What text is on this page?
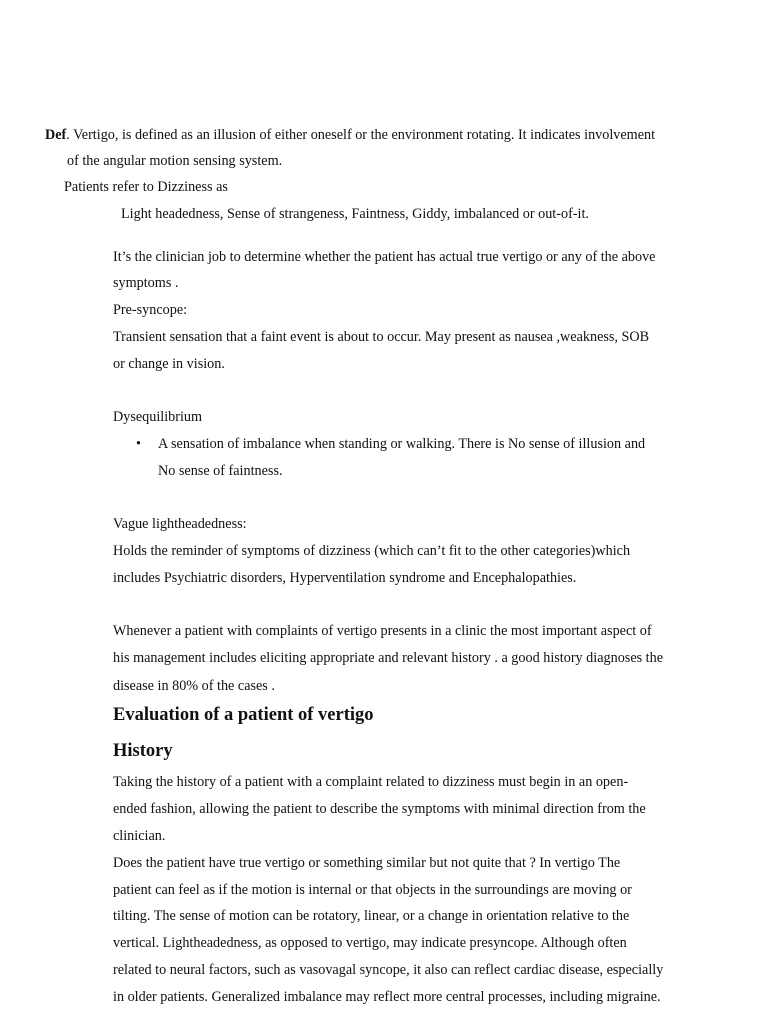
Def. Vertigo, is defined as an illusion of either oneself or the environment rotating. It indicates involvement
of the angular motion sensing system.
Patients refer to Dizziness as
Light headedness, Sense of strangeness, Faintness, Giddy, imbalanced or out-of-it.
It’s the clinician job to determine whether the patient has actual true vertigo or any of the above
symptoms .
Pre-syncope:
Transient sensation that a faint event is about to occur. May present as nausea ,weakness, SOB
or change in vision.
Dysequilibrium
• A sensation of imbalance when standing or walking. There is No sense of illusion and
No sense of faintness.
Vague lightheadedness:
Holds the reminder of symptoms of dizziness (which can’t fit to the other categories)which
includes Psychiatric disorders, Hyperventilation syndrome and Encephalopathies.
Whenever a patient with complaints of vertigo presents in a clinic the most important aspect of
his management includes eliciting appropriate and relevant history . a good history diagnoses the
disease in 80% of the cases .
Evaluation of a patient of vertigo
History
Taking the history of a patient with a complaint related to dizziness must begin in an open-
ended fashion, allowing the patient to describe the symptoms with minimal direction from the
clinician.
Does the patient have true vertigo or something similar but not quite that ? In vertigo The
patient can feel as if the motion is internal or that objects in the surroundings are moving or
tilting. The sense of motion can be rotatory, linear, or a change in orientation relative to the
vertical. Lightheadedness, as opposed to vertigo, may indicate presyncope. Although often
related to neural factors, such as vasovagal syncope, it also can reflect cardiac disease, especially
in older patients. Generalized imbalance may reflect more central processes, including migraine.
